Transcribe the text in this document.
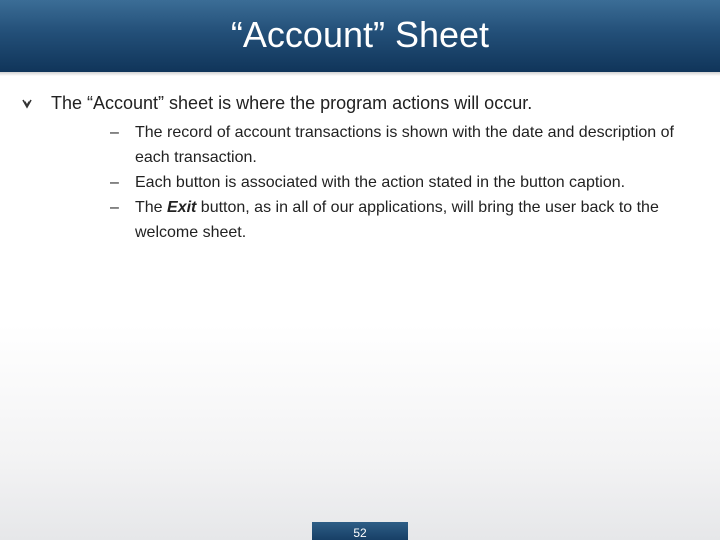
“Account” Sheet
The “Account” sheet is where the program actions will occur.
– The record of account transactions is shown with the date and description of each transaction.
– Each button is associated with the action stated in the button caption.
– The Exit button, as in all of our applications, will bring the user back to the welcome sheet.
52
